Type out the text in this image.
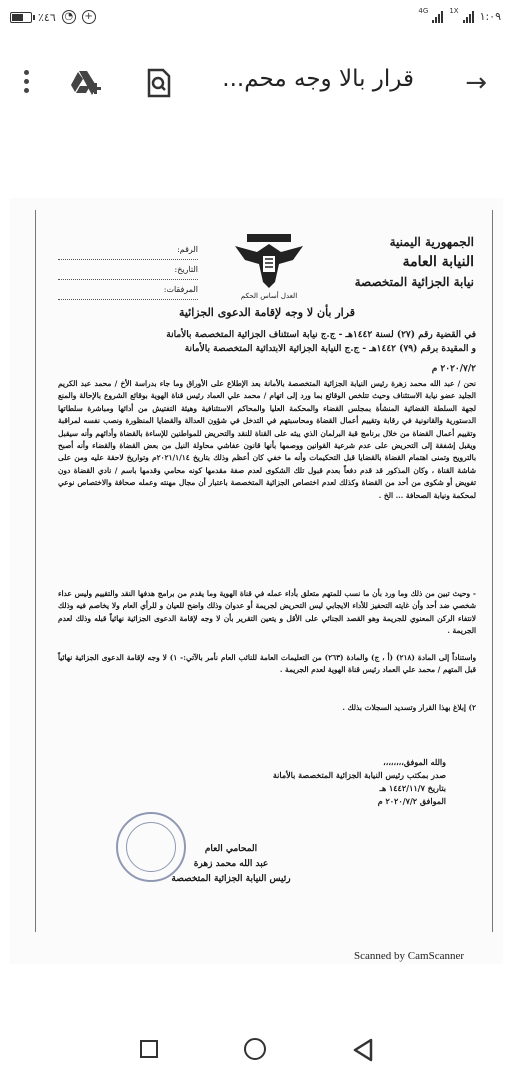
٪٤٦ ◔ +
4G	1X ١:٠٩
قرار بالا وجه محم... →
الجمهورية اليمنية
النيابة العامة
نيابة الجزائية المتخصصة
العدل أساس الحكم
الرقم:
التاريخ:
المرفقات:
قرار بأن لا وجه لإقامة الدعوى الجزائية
في القضية رقم (٢٧) لسنة ١٤٤٢هـ - ج.ج نيابة استئناف الجزائية المتخصصة بالأمانة
و المقيدة برقم (٧٩) ١٤٤٢هـ - ج.ج النيابة الجزائية الابتدائية المتخصصة بالأمانة
٢٠٢٠/٧/٢ م
نحن / عبد الله محمد زهرة رئيس النيابة الجزائية المتخصصة بالأمانة بعد الإطلاع على الأوراق وما جاء بدراسة الأخ / محمد عبد الكريم الجليد عضو نيابة الاستئناف وحيث تتلخص الوقائع بما ورد إلى اتهام / محمد علي العماد رئيس قناة الهوية بوقائع الشروع بالإحالة والمنع لجهة السلطة القضائية المنشأة بمجلس القضاء والمحكمة العليا والمحاكم الاستئنافية وهيئة التفتيش من أدائها ومباشرة سلطاتها الدستورية والقانونية في رقابة وتقييم أعمال القضاة ومحاسبتهم في التدخل في شؤون العدالة والقضايا المنظورة ونصب نفسه لمراقبة وتقييم أعمال القضاة من خلال برنامج قبة البرلمان الذي يبثه على القناة للنقد والتحريض للمواطنين للإساءة بالقضاة وأدائهم وأنه سيقبل ويقبل إشفقة إلى التحريض على عدم شرعية القوانين ووصمها بأنها قانون عفاشي محاولة النيل من بعض القضاة والقضاء وأنه أصبح بالترويح وتمنى اهتمام القضاة بالقضايا قبل التحكيمات وأنه ما خفي كان أعظم وذلك بتاريخ ٢٠٢١/١/١٤م وتواريخ لاحقة عليه ومن على شاشة القناة ، وكان المذكور قد قدم دفعاً بعدم قبول تلك الشكوى لعدم صفة مقدمها كونه محامي وقدمها باسم / نادي القضاة دون تفويض أو شكوى من أحد من القضاة وكذلك لعدم اختصاص الجزائية المتخصصة باعتبار أن مجال مهنته وعمله صحافة والاختصاص نوعي لمحكمة ونيابة الصحافة ... الخ .
- وحيث تبين من ذلك وما ورد بأن ما نسب للمتهم متعلق بأداء عمله في قناة الهوية وما يقدم من برامج هدفها النقد والتقييم وليس عداء شخصي ضد أحد وأن غايته التحفيز للأداء الايجابي ليس التحريض لجريمة أو عدوان وذلك واضح للعيان و للرأي العام ولا يخاصم فيه وذلك لانتفاء الركن المعنوي للجريمة وهو القصد الجنائي على الأقل و يتعين التقرير بأن لا وجه لإقامة الدعوى الجزائية نهائياً قبله وذلك لعدم الجريمة .
واستناداً إلى المادة (٢١٨) (أ ، ج) والمادة (٢٦٣) من التعليمات العامة للنائب العام نأمر بالآتي:- ١) لا وجه لإقامة الدعوى الجزائية نهائياً قبل المتهم / محمد علي العماد رئيس قناة الهوية لعدم الجريمة .
٢) إبلاغ بهذا القرار وتسديد السجلات بذلك .
والله الموفق،،،،،،،،
صدر بمكتب رئيس النيابة الجزائية المتخصصة بالأمانة
بتاريخ ١٤٤٢/١١/٧ هـ
الموافق ٢٠٢٠/٧/٢ م
المحامي العام
عبد الله محمد زهرة
رئيس النيابة الجزائية المتخصصة
Scanned by CamScanner
